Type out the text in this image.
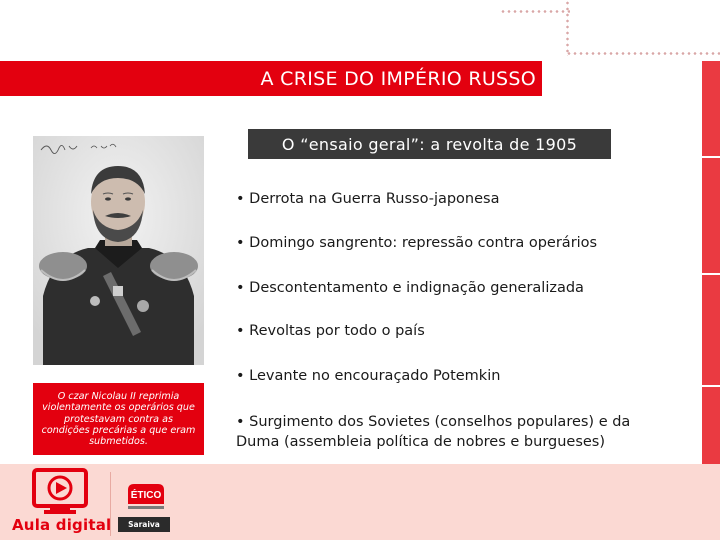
A CRISE DO IMPÉRIO RUSSO
O “ensaio geral”: a revolta de 1905
O czar Nicolau II reprimia violentamente os operários que protestavam contra as condições precárias a que eram submetidos.
• Derrota na Guerra Russo-japonesa
• Domingo sangrento: repressão contra operários
• Descontentamento e indignação generalizada
• Revoltas por todo o país
• Levante no encouraçado Potemkin
• Surgimento dos Sovietes (conselhos populares) e da Duma (assembleia política de nobres e burgueses)
Aula digital
ÉTICO
Saraiva
